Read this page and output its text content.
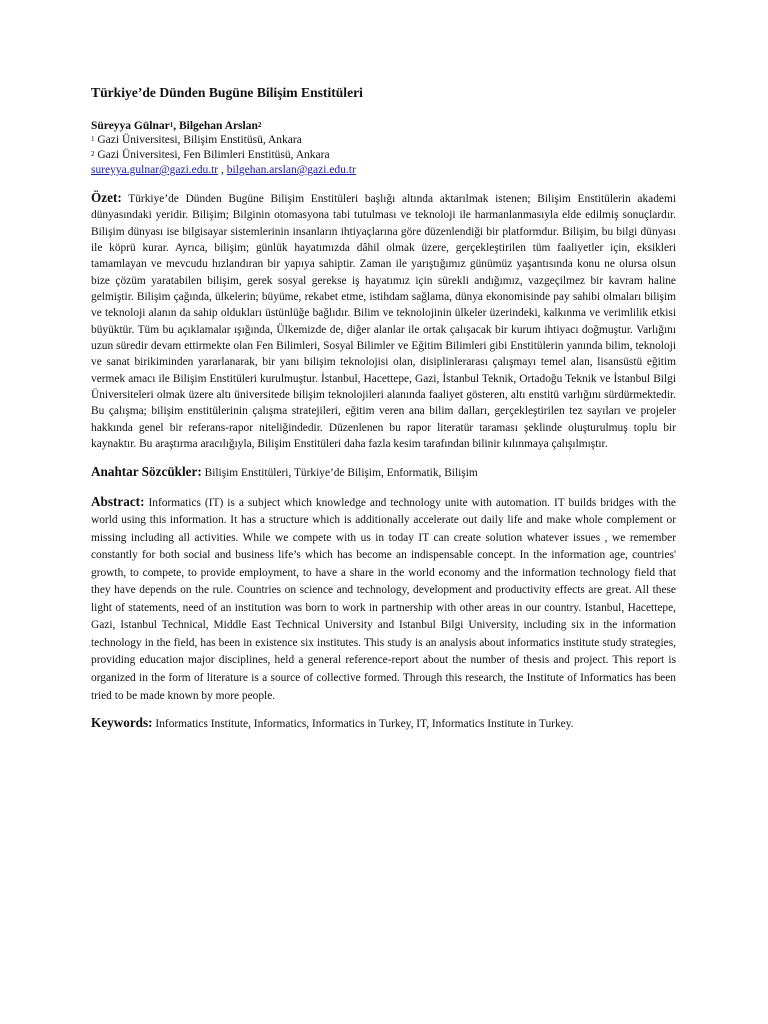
Türkiye’de Dünden Bugüne Bilişim Enstitüleri

Süreyya Gülnar$^1$, Bilgehan Arslan$^2$

$^1$ Gazi Üniversitesi, Bilişim Enstitüsü, Ankara

$^2$ Gazi Üniversitesi, Fen Bilimleri Enstitüsü, Ankara

sureyya.gulnar@gazi.edu.tr , bilgehan.arslan@gazi.edu.tr

Özet: Türkiye’de Dünden Bugüne Bilişim Enstitüleri başlığı altında aktarılmak istenen; Bilişim Enstitülerin akademi dünyasındaki yeridir. Bilişim; Bilginin otomasyona tabi tutulması ve teknoloji ile harmanlanmasıyla elde edilmiş sonuçlardır. Bilişim dünyası ise bilgisayar sistemlerinin insanların ihtiyaçlarına göre düzenlendiği bir platformdur. Bilişim, bu bilgi dünyası ile köprü kurar. Ayrıca, bilişim; günlük hayatımızda dâhil olmak üzere, gerçekleştirilen tüm faaliyetler için, eksikleri tamamlayan ve mevcudu hızlandıran bir yapıya sahiptir. Zaman ile yarıştığımız günümüz yaşantısında konu ne olursa olsun bize çözüm yaratabilen bilişim, gerek sosyal gerekse iş hayatımız için sürekli andığımız, vazgeçilmez bir kavram haline gelmiştir. Bilişim çağında, ülkelerin; büyüme, rekabet etme, istihdam sağlama, dünya ekonomisinde pay sahibi olmaları bilişim ve teknoloji alanın da sahip oldukları üstünlüğe bağlıdır. Bilim ve teknolojinin ülkeler üzerindeki, kalkınma ve verimlilik etkisi büyüktür. Tüm bu açıklamalar ışığında, Ülkemizde de, diğer alanlar ile ortak çalışacak bir kurum ihtiyacı doğmuştur. Varlığını uzun süredir devam ettirmekte olan Fen Bilimleri, Sosyal Bilimler ve Eğitim Bilimleri gibi Enstitülerin yanında bilim, teknoloji ve sanat birikiminden yararlanarak, bir yanı bilişim teknolojisi olan, disiplinlerarası çalışmayı temel alan, lisansüstü eğitim vermek amacı ile Bilişim Enstitüleri kurulmuştur. İstanbul, Hacettepe, Gazi, İstanbul Teknik, Ortadoğu Teknik ve İstanbul Bilgi Üniversiteleri olmak üzere altı üniversitede bilişim teknolojileri alanında faaliyet gösteren, altı enstitü varlığını sürdürmektedir. Bu çalışma; bilişim enstitülerinin çalışma stratejileri, eğitim veren ana bilim dalları, gerçekleştirilen tez sayıları ve projeler hakkında genel bir referans-rapor niteliğindedir. Düzenlenen bu rapor literatür taraması şeklinde oluşturulmuş toplu bir kaynaktır. Bu araştırma aracılığıyla, Bilişim Enstitüleri daha fazla kesim tarafından bilinir kılınmaya çalışılmıştır.

Anahtar Sözcükler: Bilişim Enstitüleri, Türkiye’de Bilişim, Enformatik, Bilişim

Abstract: Informatics (IT) is a subject which knowledge and technology unite with automation. IT builds bridges with the world using this information. It has a structure which is additionally accelerate out daily life and make whole complement or missing including all activities. While we compete with us in today IT can create solution whatever issues , we remember constantly for both social and business life’s which has become an indispensable concept. In the information age, countries' growth, to compete, to provide employment, to have a share in the world economy and the information technology field that they have depends on the rule. Countries on science and technology, development and productivity effects are great. All these light of statements, need of an institution was born to work in partnership with other areas in our country. Istanbul, Hacettepe, Gazi, Istanbul Technical, Middle East Technical University and Istanbul Bilgi University, including six in the information technology in the field, has been in existence six institutes. This study is an analysis about informatics institute study strategies, providing education major disciplines, held a general reference-report about the number of thesis and project. This report is organized in the form of literature is a source of collective formed. Through this research, the Institute of Informatics has been tried to be made known by more people.

Keywords: Informatics Institute, Informatics, Informatics in Turkey, IT, Informatics Institute in Turkey.
